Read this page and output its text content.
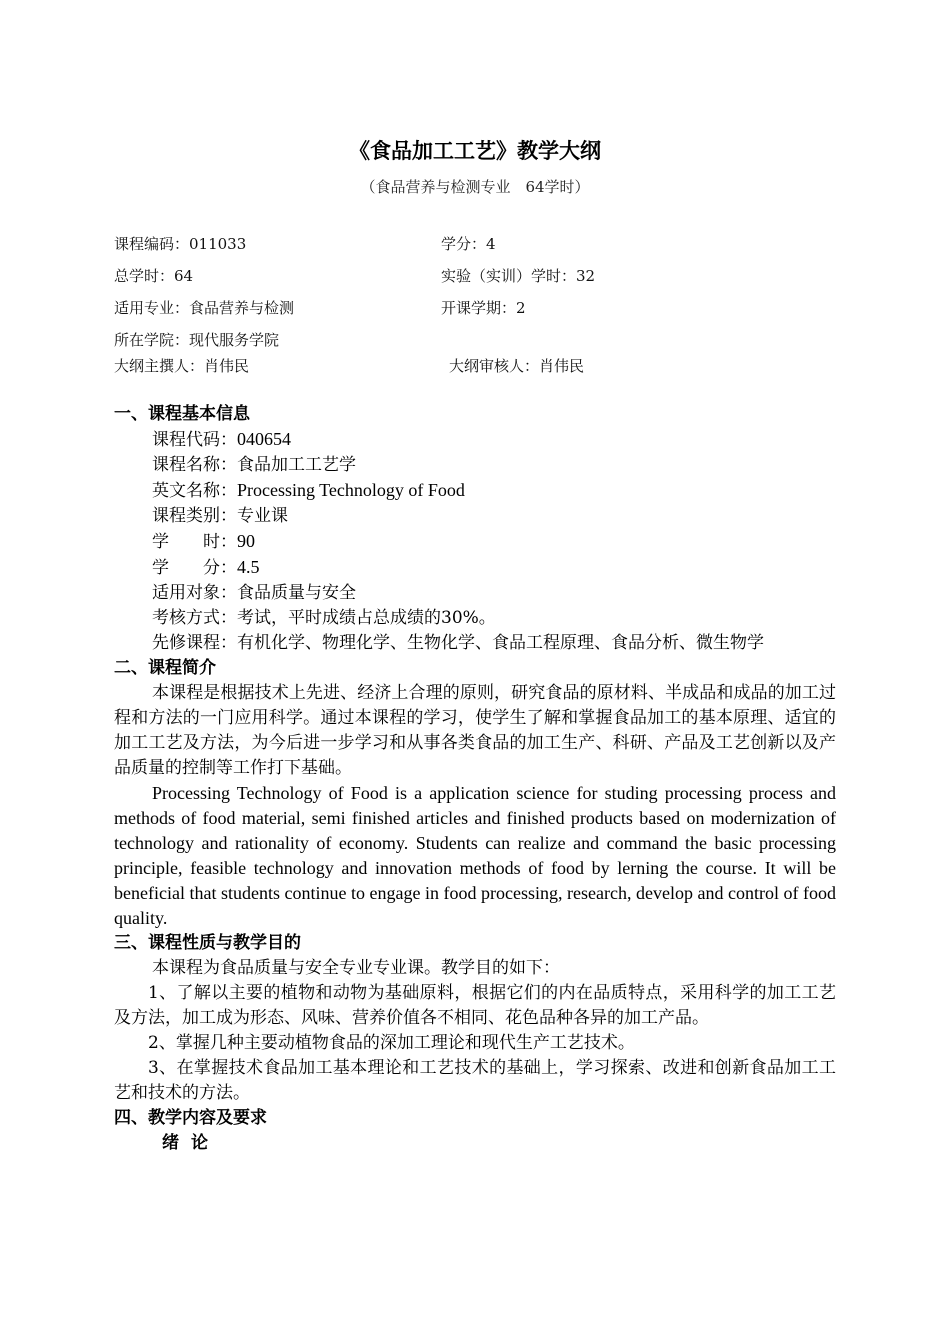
《食品加工工艺》教学大纲
（食品营养与检测专业　64学时）
课程编码：011033	学分：4
总学时：64	实验（实训）学时：32
适用专业：食品营养与检测	开课学期：2
所在学院：现代服务学院
大纲主撰人：肖伟民	大纲审核人：肖伟民
一、课程基本信息
课程代码：040654
课程名称：食品加工工艺学
英文名称：Processing Technology of Food
课程类别：专业课
学　　时：90
学　　分：4.5
适用对象：食品质量与安全
考核方式：考试，平时成绩占总成绩的30%。
先修课程：有机化学、物理化学、生物化学、食品工程原理、食品分析、微生物学
二、课程简介
本课程是根据技术上先进、经济上合理的原则，研究食品的原材料、半成品和成品的加工过程和方法的一门应用科学。通过本课程的学习，使学生了解和掌握食品加工的基本原理、适宜的加工工艺及方法，为今后进一步学习和从事各类食品的加工生产、科研、产品及工艺创新以及产品质量的控制等工作打下基础。
Processing Technology of Food is a application science for studing processing process and methods of food material, semi finished articles and finished products based on modernization of technology and rationality of economy. Students can realize and command the basic processing principle, feasible technology and innovation methods of food by lerning the course. It will be beneficial that students continue to engage in food processing, research, develop and control of food quality.
三、课程性质与教学目的
本课程为食品质量与安全专业专业课。教学目的如下：
1、了解以主要的植物和动物为基础原料，根据它们的内在品质特点，采用科学的加工工艺及方法，加工成为形态、风味、营养价值各不相同、花色品种各异的加工产品。
2、掌握几种主要动植物食品的深加工理论和现代生产工艺技术。
3、在掌握技术食品加工基本理论和工艺技术的基础上，学习探索、改进和创新食品加工工艺和技术的方法。
四、教学内容及要求
绪论
